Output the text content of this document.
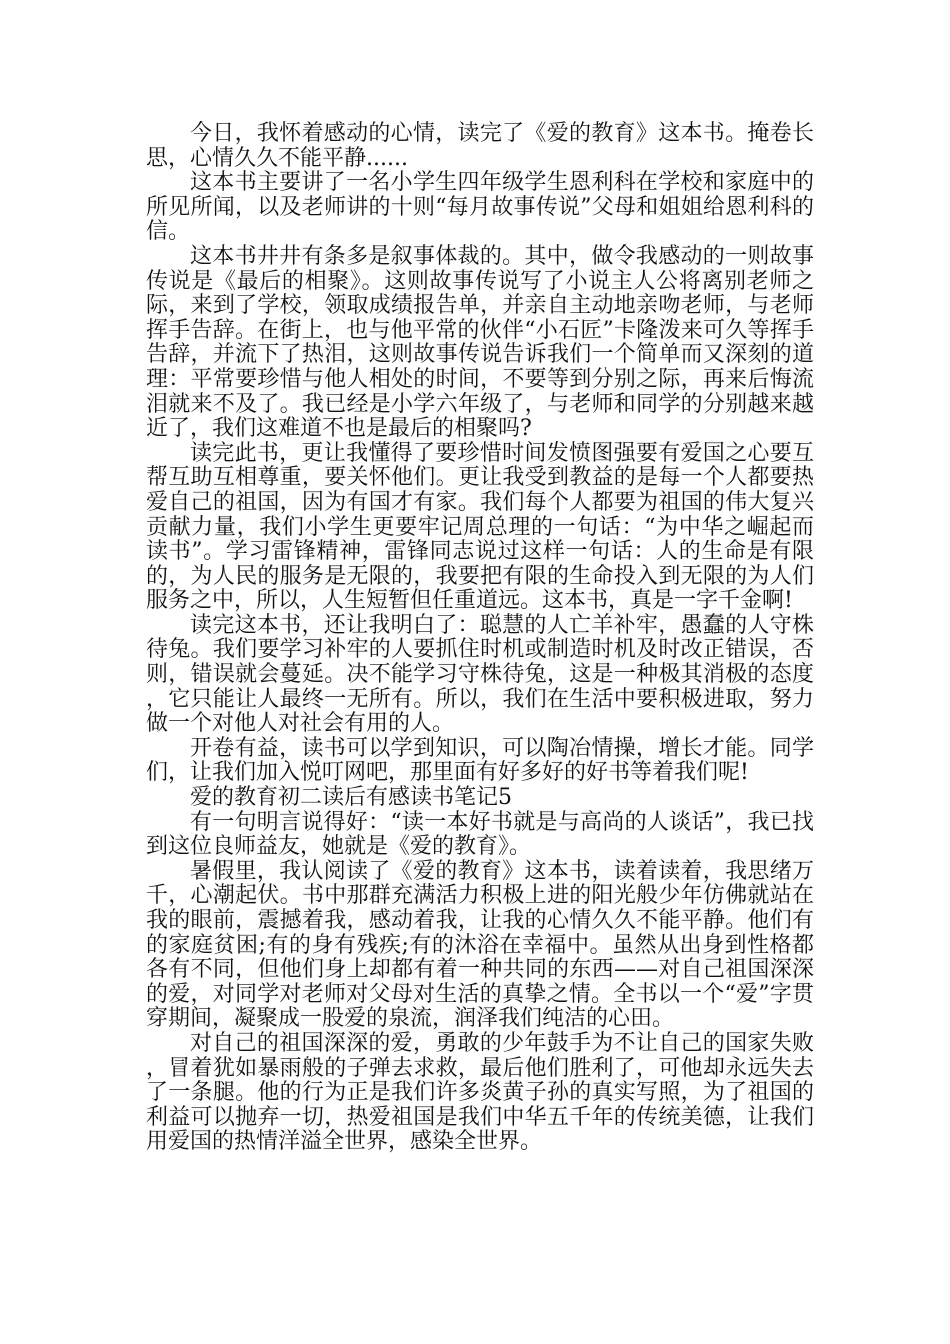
今日，我怀着感动的心情，读完了《爱的教育》这本书。掩卷长思，心情久久不能平静......

这本书主要讲了一名小学生四年级学生恩利科在学校和家庭中的所见所闻，以及老师讲的十则“每月故事传说”父母和姐姐给恩利科的信。

这本书井井有条多是叙事体裁的。其中，做令我感动的一则故事传说是《最后的相聚》。这则故事传说写了小说主人公将离别老师之际，来到了学校，领取成绩报告单，并亲自主动地亲吻老师，与老师挥手告辞。在街上，也与他平常的伙伴“小石匠”卡隆泼来可久等挥手告辞，并流下了热泪，这则故事传说告诉我们一个简单而又深刻的道理：平常要珍惜与他人相处的时间，不要等到分别之际，再来后悔流泪就来不及了。我已经是小学六年级了，与老师和同学的分别越来越近了，我们这难道不也是最后的相聚吗?

读完此书，更让我懂得了要珍惜时间发愤图强要有爱国之心要互帮互助互相尊重，要关怀他们。更让我受到教益的是每一个人都要热爱自己的祖国，因为有国才有家。我们每个人都要为祖国的伟大复兴贡献力量，我们小学生更要牢记周总理的一句话：“为中华之崛起而读书”。学习雷锋精神，雷锋同志说过这样一句话：人的生命是有限的，为人民的服务是无限的，我要把有限的生命投入到无限的为人们服务之中，所以，人生短暂但任重道远。这本书，真是一字千金啊!

读完这本书，还让我明白了：聪慧的人亡羊补牢，愚蠢的人守株待兔。我们要学习补牢的人要抓住时机或制造时机及时改正错误，否则，错误就会蔓延。决不能学习守株待兔，这是一种极其消极的态度，它只能让人最终一无所有。所以，我们在生活中要积极进取，努力做一个对他人对社会有用的人。

开卷有益，读书可以学到知识，可以陶冶情操，增长才能。同学们，让我们加入悦叮网吧，那里面有好多好的好书等着我们呢!

爱的教育初二读后有感读书笔记5

有一句明言说得好：“读一本好书就是与高尚的人谈话”，我已找到这位良师益友，她就是《爱的教育》。

暑假里，我认阅读了《爱的教育》这本书，读着读着，我思绪万千，心潮起伏。书中那群充满活力积极上进的阳光般少年仿佛就站在我的眼前，震撼着我，感动着我，让我的心情久久不能平静。他们有的家庭贫困;有的身有残疾;有的沐浴在幸福中。虽然从出身到性格都各有不同，但他们身上却都有着一种共同的东西——对自己祖国深深的爱，对同学对老师对父母对生活的真挚之情。全书以一个“爱”字贯穿期间，凝聚成一股爱的泉流，润泽我们纯洁的心田。

对自己的祖国深深的爱，勇敢的少年鼓手为不让自己的国家失败，冒着犹如暴雨般的子弹去求救，最后他们胜利了，可他却永远失去了一条腿。他的行为正是我们许多炎黄子孙的真实写照，为了祖国的利益可以抛弃一切，热爱祖国是我们中华五千年的传统美德，让我们用爱国的热情洋溢全世界，感染全世界。
